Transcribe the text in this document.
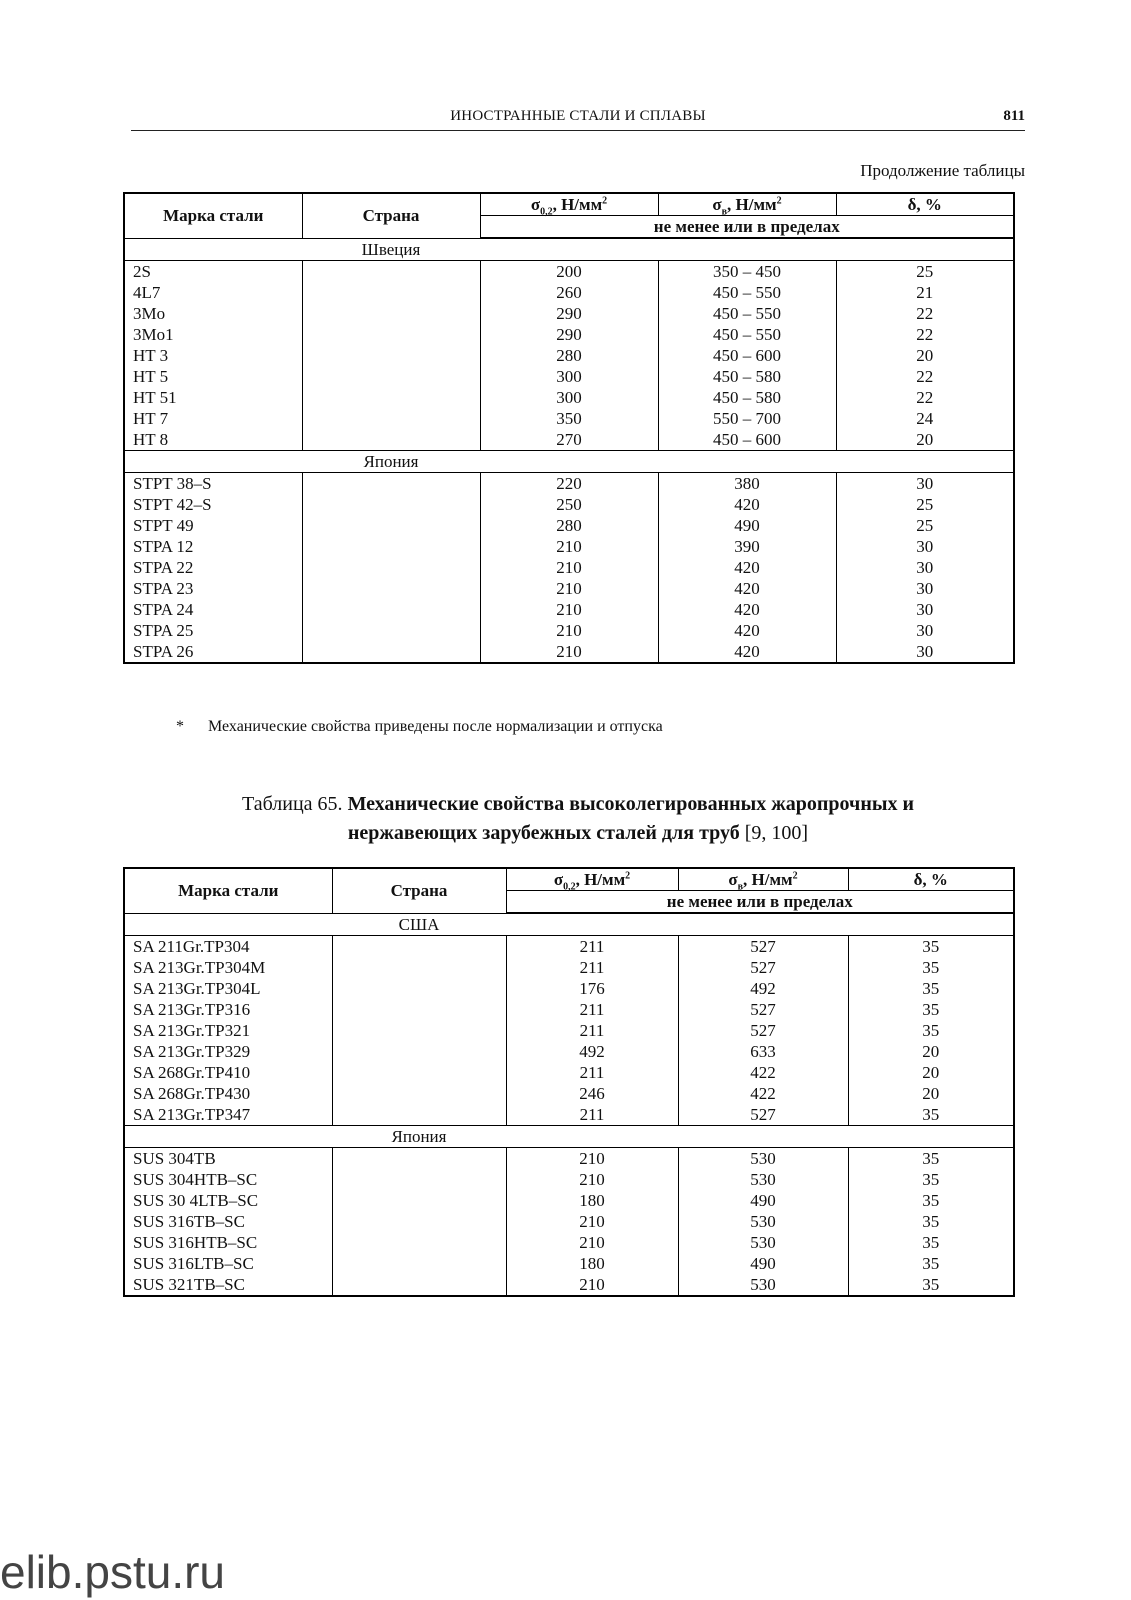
ИНОСТРАННЫЕ СТАЛИ И СПЛАВЫ	811
Продолжение таблицы
Марка стали	Страна	$\sigma_{0,2}$, $Н/мм^2$	$\sigma_в$, $Н/мм^2$	δ, %
		не менее или в пределах		
	Швеция			
2S		200	350 – 450	25
4L7		260	450 – 550	21
3Mo		290	450 – 550	22
3Mo1		290	450 – 550	22
HT 3		280	450 – 600	20
HT 5		300	450 – 580	22
HT 51		300	450 – 580	22
HT 7		350	550 – 700	24
HT 8		270	450 – 600	20
	Япония			
STPT 38–S		220	380	30
STPT 42–S		250	420	25
STPT 49		280	490	25
STPA 12		210	390	30
STPA 22		210	420	30
STPA 23		210	420	30
STPA 24		210	420	30
STPA 25		210	420	30
STPA 26		210	420	30
* Механические свойства приведены после нормализации и отпуска
Таблица 65. Механические свойства высоколегированных жаропрочных и
нержавеющих зарубежных сталей для труб [9, 100]
Марка стали	Страна	$\sigma_{0,2}$, $Н/мм^2$	$\sigma_в$, $Н/мм^2$	δ, %
		не менее или в пределах		
	США			
SA 211Gr.TP304		211	527	35
SA 213Gr.TP304M		211	527	35
SA 213Gr.TP304L		176	492	35
SA 213Gr.TP316		211	527	35
SA 213Gr.TP321		211	527	35
SA 213Gr.TP329		492	633	20
SA 268Gr.TP410		211	422	20
SA 268Gr.TP430		246	422	20
SA 213Gr.TP347		211	527	35
	Япония			
SUS 304TB		210	530	35
SUS 304HTB–SC		210	530	35
SUS 30 4LTB–SC		180	490	35
SUS 316TB–SC		210	530	35
SUS 316HTB–SC		210	530	35
SUS 316LTB–SC		180	490	35
SUS 321TB–SC		210	530	35
elib.pstu.ru
